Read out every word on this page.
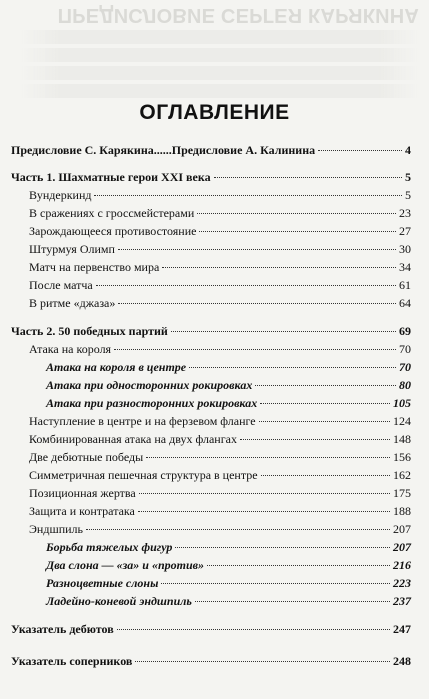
ПРЕДИСЛОВИЕ СЕРГЕЯ КАРЯКИНА
ОГЛАВЛЕНИЕ
Предисловие С. Карякина......Предисловие А. Калинина	4
Часть 1. Шахматные герои XXI века	5
Вундеркинд	5
В сражениях с гроссмейстерами	23
Зарождающееся противостояние	27
Штурмуя Олимп	30
Матч на первенство мира	34
После матча	61
В ритме «джаза»	64
Часть 2. 50 победных партий	69
Атака на короля	70
Атака на короля в центре	70
Атака при односторонних рокировках	80
Атака при разносторонних рокировках	105
Наступление в центре и на ферзевом фланге	124
Комбинированная атака на двух флангах	148
Две дебютные победы	156
Симметричная пешечная структура в центре	162
Позиционная жертва	175
Защита и контратака	188
Эндшпиль	207
Борьба тяжелых фигур	207
Два слона — «за» и «против»	216
Разноцветные слоны	223
Ладейно-коневой эндшпиль	237
Указатель дебютов	247
Указатель соперников	248
